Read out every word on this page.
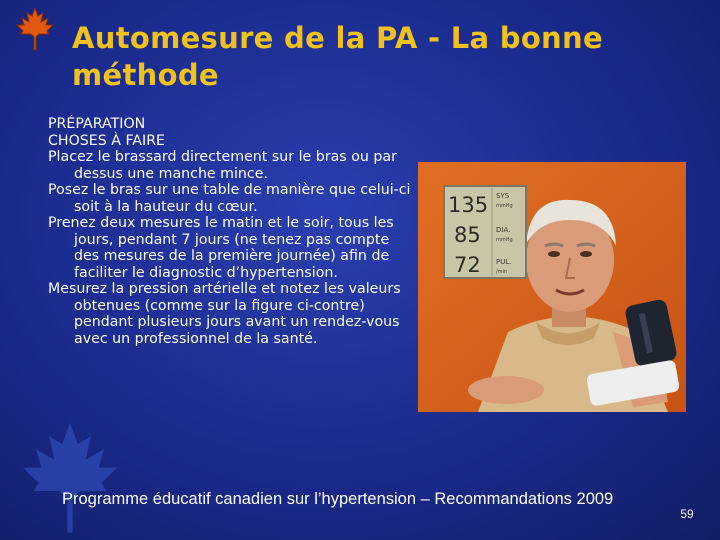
Automesure de la PA - La bonne méthode

PRÉPARATION

CHOSES À FAIRE

Placez le brassard directement sur le bras ou par dessus une manche mince.

Posez le bras sur une table de manière que celui-ci soit à la hauteur du cœur.

Prenez deux mesures le matin et le soir, tous les jours, pendant 7 jours (ne tenez pas compte des mesures de la première journée) afin de faciliter le diagnostic d’hypertension.

Mesurez la pression artérielle et notez les valeurs obtenues (comme sur la figure ci-contre) pendant plusieurs jours avant un rendez-vous avec un professionnel de la santé.

135 SYS
mmHg
85 DIA.
mmHg
72 PUL.
/min
Programme éducatif canadien sur l’hypertension – Recommandations 2009
59
